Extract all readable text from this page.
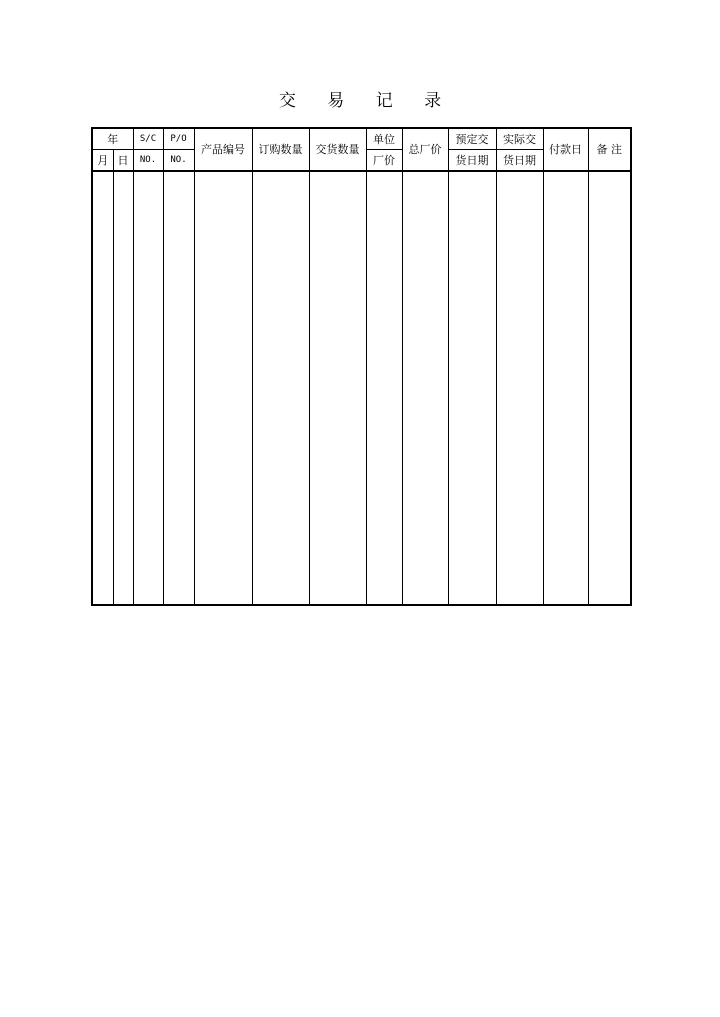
交 易 记 录
年		S/C	P/O	产品编号	订购数量	交货数量	单位	总厂价	预定交	实际交	付款日	备 注
月	日	NO.	NO.				厂价		货日期	货日期		
